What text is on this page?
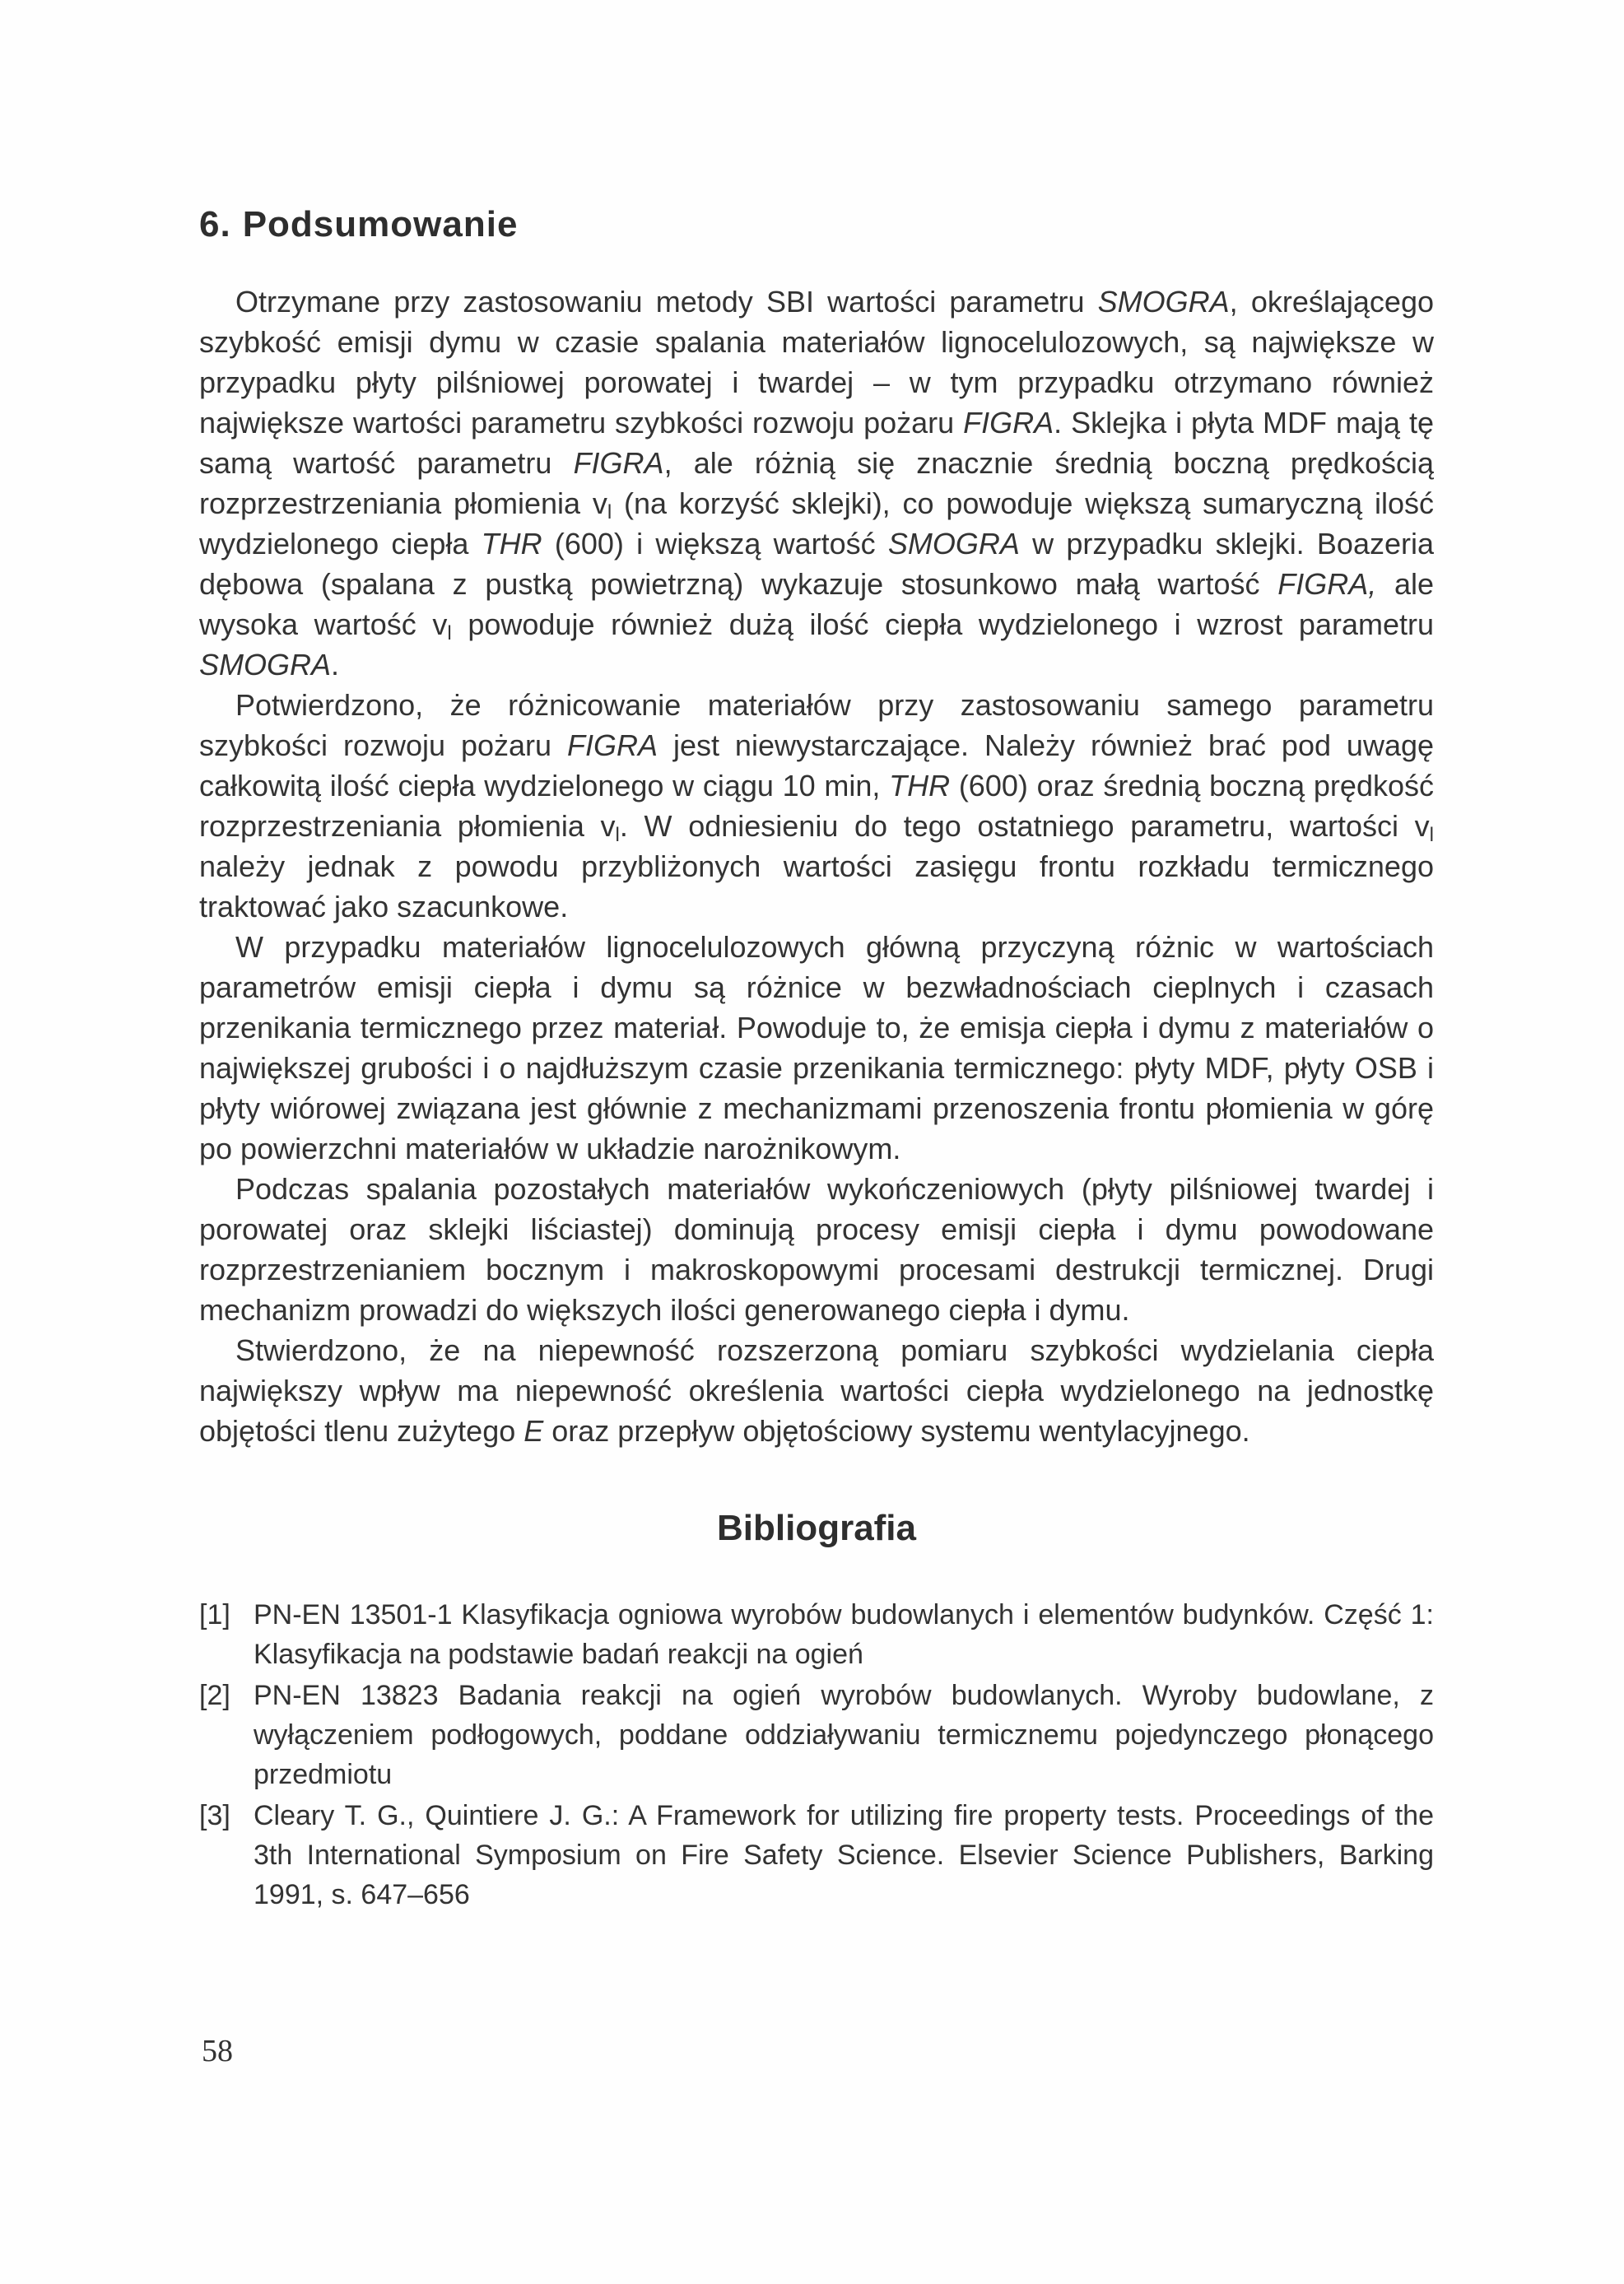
6. Podsumowanie

Otrzymane przy zastosowaniu metody SBI wartości parametru SMOGRA, określającego szybkość emisji dymu w czasie spalania materiałów lignocelulozowych, są największe w przypadku płyty pilśniowej porowatej i twardej – w tym przypadku otrzymano również największe wartości parametru szybkości rozwoju pożaru FIGRA. Sklejka i płyta MDF mają tę samą wartość parametru FIGRA, ale różnią się znacznie średnią boczną prędkością rozprzestrzeniania płomienia $v_l$ (na korzyść sklejki), co powoduje większą sumaryczną ilość wydzielonego ciepła THR (600) i większą wartość SMOGRA w przypadku sklejki. Boazeria dębowa (spalana z pustką powietrzną) wykazuje stosunkowo małą wartość FIGRA, ale wysoka wartość $v_l$ powoduje również dużą ilość ciepła wydzielonego i wzrost parametru SMOGRA.

Potwierdzono, że różnicowanie materiałów przy zastosowaniu samego parametru szybkości rozwoju pożaru FIGRA jest niewystarczające. Należy również brać pod uwagę całkowitą ilość ciepła wydzielonego w ciągu 10 min, THR (600) oraz średnią boczną prędkość rozprzestrzeniania płomienia $v_l$. W odniesieniu do tego ostatniego parametru, wartości $v_l$ należy jednak z powodu przybliżonych wartości zasięgu frontu rozkładu termicznego traktować jako szacunkowe.

W przypadku materiałów lignocelulozowych główną przyczyną różnic w wartościach parametrów emisji ciepła i dymu są różnice w bezwładnościach cieplnych i czasach przenikania termicznego przez materiał. Powoduje to, że emisja ciepła i dymu z materiałów o największej grubości i o najdłuższym czasie przenikania termicznego: płyty MDF, płyty OSB i płyty wiórowej związana jest głównie z mechanizmami przenoszenia frontu płomienia w górę po powierzchni materiałów w układzie narożnikowym.

Podczas spalania pozostałych materiałów wykończeniowych (płyty pilśniowej twardej i porowatej oraz sklejki liściastej) dominują procesy emisji ciepła i dymu powodowane rozprzestrzenianiem bocznym i makroskopowymi procesami destrukcji termicznej. Drugi mechanizm prowadzi do większych ilości generowanego ciepła i dymu.

Stwierdzono, że na niepewność rozszerzoną pomiaru szybkości wydzielania ciepła największy wpływ ma niepewność określenia wartości ciepła wydzielonego na jednostkę objętości tlenu zużytego E oraz przepływ objętościowy systemu wentylacyjnego.

Bibliografia
[1] PN-EN 13501-1 Klasyfikacja ogniowa wyrobów budowlanych i elementów budynków. Część 1: Klasyfikacja na podstawie badań reakcji na ogień
[2] PN-EN 13823 Badania reakcji na ogień wyrobów budowlanych. Wyroby budowlane, z wyłączeniem podłogowych, poddane oddziaływaniu termicznemu pojedynczego płonącego przedmiotu
[3] Cleary T. G., Quintiere J. G.: A Framework for utilizing fire property tests. Proceedings of the 3th International Symposium on Fire Safety Science. Elsevier Science Publishers, Barking 1991, s. 647–656
58
